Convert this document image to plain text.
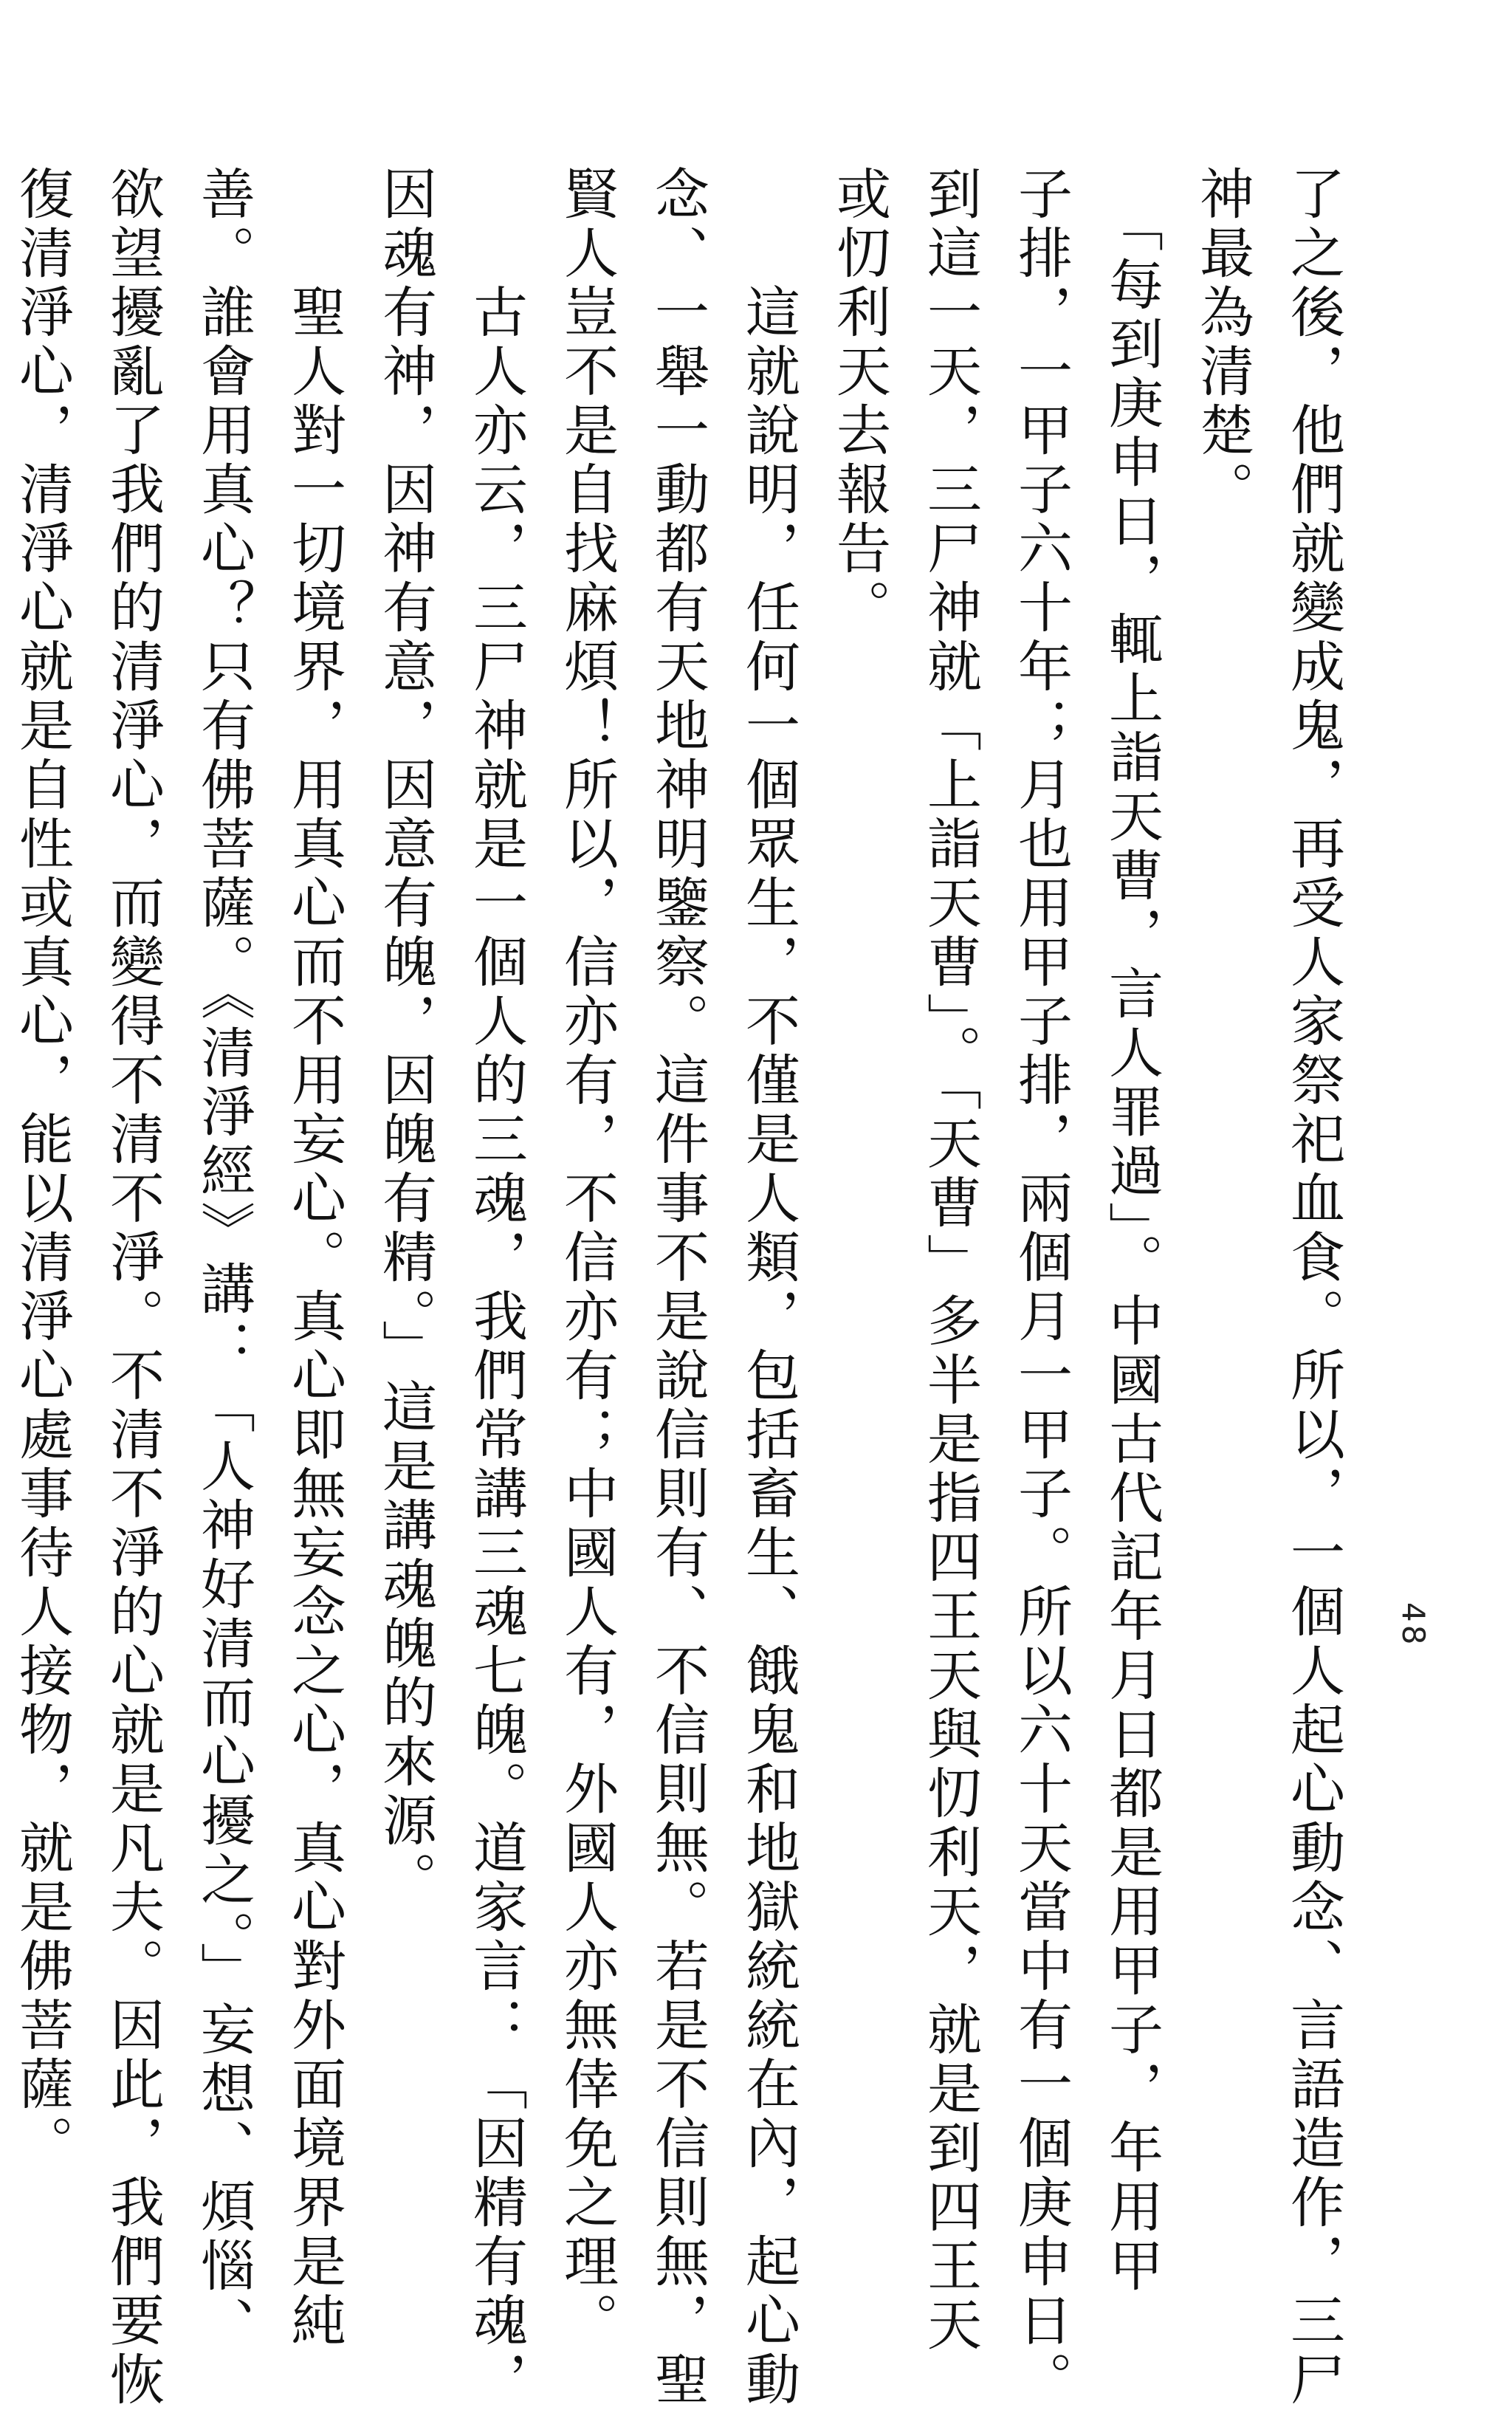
了之後，他們就變成鬼，再受人家祭祀血食。所以，一個人起心動念、言語造作，三尸
神最為清楚。

　「每到庚申日，輒上詣天曹，言人罪過」。中國古代記年月日都是用甲子，年用甲
子排，一甲子六十年；月也用甲子排，兩個月一甲子。所以六十天當中有一個庚申日。
到這一天，三尸神就「上詣天曹」。「天曹」多半是指四王天與忉利天，就是到四王天
或忉利天去報告。

　　這就說明，任何一個眾生，不僅是人類，包括畜生、餓鬼和地獄統統在內，起心動
念、一舉一動都有天地神明鑒察。這件事不是說信則有、不信則無。若是不信則無，聖
賢人豈不是自找麻煩！所以，信亦有，不信亦有；中國人有，外國人亦無倖免之理。

　　古人亦云，三尸神就是一個人的三魂，我們常講三魂七魄。道家言：「因精有魂，
因魂有神，因神有意，因意有魄，因魄有精。」這是講魂魄的來源。

　　聖人對一切境界，用真心而不用妄心。真心即無妄念之心，真心對外面境界是純
善。誰會用真心？只有佛菩薩。《清淨經》講：「人神好清而心擾之。」妄想、煩惱、
欲望擾亂了我們的清淨心，而變得不清不淨。不清不淨的心就是凡夫。因此，我們要恢
復清淨心，清淨心就是自性或真心，能以清淨心處事待人接物，就是佛菩薩。	48
